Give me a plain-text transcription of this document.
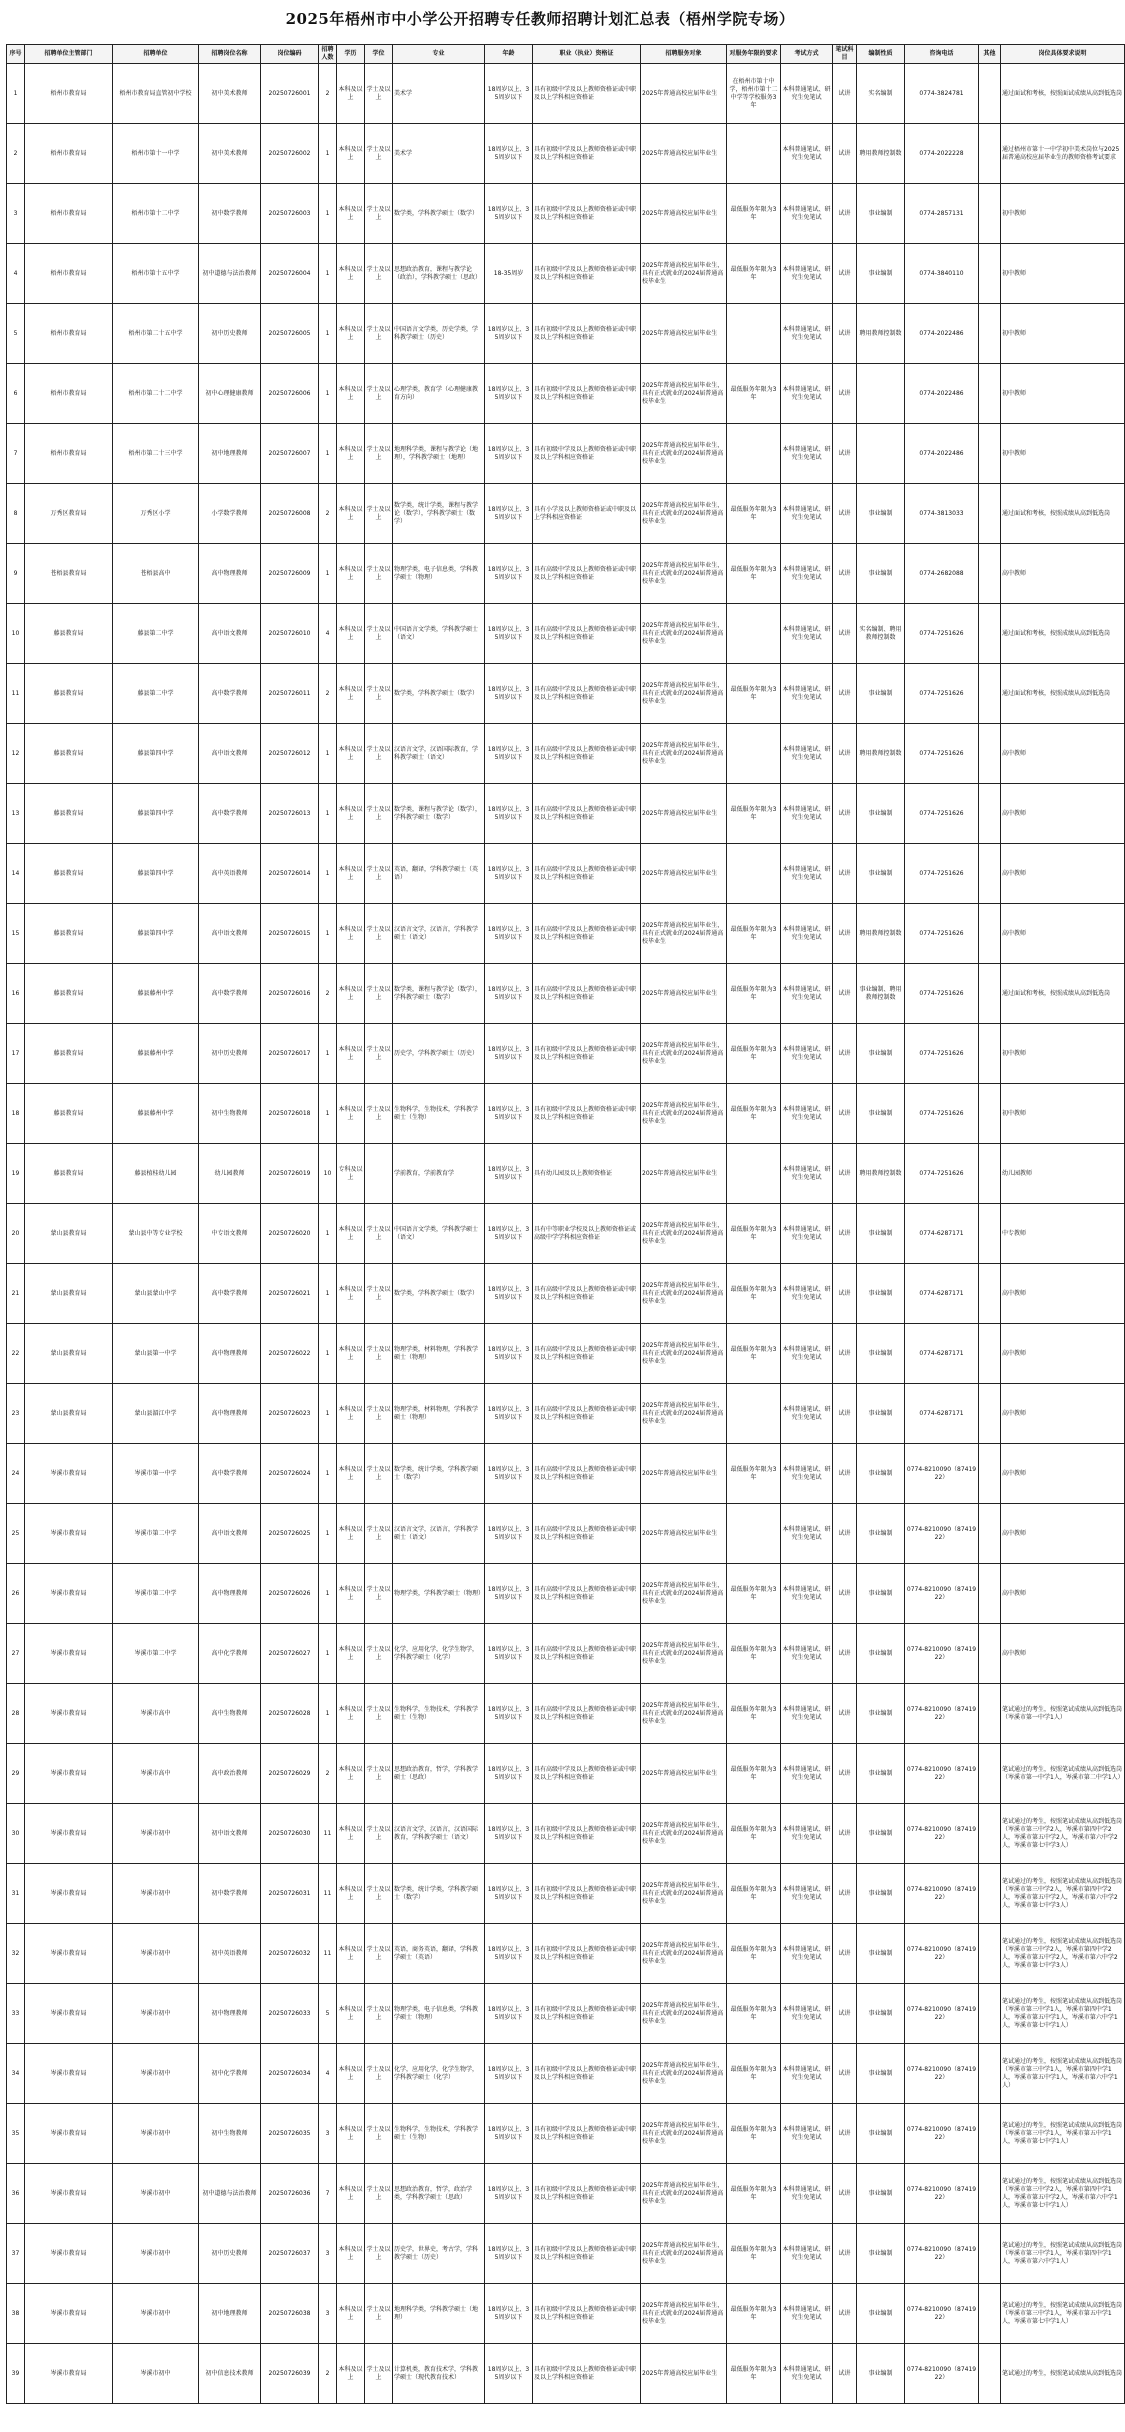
2025年梧州市中小学公开招聘专任教师招聘计划汇总表（梧州学院专场）
序号	招聘单位主管部门	招聘单位	招聘岗位名称	岗位编码	招聘人数	学历	学位	专业	年龄	职业（执业）资格证	招聘服务对象	对服务年限的要求	考试方式	笔试科目	编制性质	咨询电话	其他	岗位具体要求说明
1	梧州市教育局	梧州市教育局直管初中学校	初中美术教师	20250726001	2	本科及以上	学士及以上	美术学	18周岁以上、35周岁以下	具有初级中学及以上教师资格证或中职及以上学科相应资格证	2025年普通高校应届毕业生	在梧州市第十中学，梧州市第十二中学等学校服务3年	本科普通笔试、研究生免笔试	试讲	实名编制	0774-3824781		通过面试和考核，按照面试成绩从高到低选岗
2	梧州市教育局	梧州市第十一中学	初中美术教师	20250726002	1	本科及以上	学士及以上	美术学	18周岁以上、35周岁以下	具有初级中学及以上教师资格证或中职及以上学科相应资格证	2025年普通高校应届毕业生		本科普通笔试、研究生免笔试	试讲	聘用教师控制数	0774-2022228		通过梧州市第十一中学初中美术岗位与2025届普通高校应届毕业生的教师资格考试要求
3	梧州市教育局	梧州市第十二中学	初中数学教师	20250726003	1	本科及以上	学士及以上	数学类，学科教学硕士（数学）	18周岁以上、35周岁以下	具有初级中学及以上教师资格证或中职及以上学科相应资格证	2025年普通高校应届毕业生	最低服务年限为3年	本科普通笔试、研究生免笔试	试讲	事业编制	0774-2857131		初中教师
4	梧州市教育局	梧州市第十五中学	初中道德与法治教师	20250726004	1	本科及以上	学士及以上	思想政治教育，课程与教学论（政治），学科教学硕士（思政）	18-35周岁	具有初级中学及以上教师资格证或中职及以上学科相应资格证	2025年普通高校应届毕业生，具有正式就业的2024届普通高校毕业生	最低服务年限为3年	本科普通笔试、研究生免笔试	试讲	事业编制	0774-3840110		初中教师
5	梧州市教育局	梧州市第二十五中学	初中历史教师	20250726005	1	本科及以上	学士及以上	中国语言文学类，历史学类，学科教学硕士（历史）	18周岁以上、35周岁以下	具有初级中学及以上教师资格证或中职及以上学科相应资格证	2025年普通高校应届毕业生		本科普通笔试、研究生免笔试	试讲	聘用教师控制数	0774-2022486		初中教师
6	梧州市教育局	梧州市第二十二中学	初中心理健康教师	20250726006	1	本科及以上	学士及以上	心理学类，教育学（心理健康教育方向）	18周岁以上、35周岁以下	具有初级中学及以上教师资格证或中职及以上学科相应资格证	2025年普通高校应届毕业生，具有正式就业的2024届普通高校毕业生	最低服务年限为3年	本科普通笔试、研究生免笔试	试讲		0774-2022486		初中教师
7	梧州市教育局	梧州市第二十三中学	初中地理教师	20250726007	1	本科及以上	学士及以上	地理科学类，课程与教学论（地理），学科教学硕士（地理）	18周岁以上、35周岁以下	具有初级中学及以上教师资格证或中职及以上学科相应资格证	2025年普通高校应届毕业生，具有正式就业的2024届普通高校毕业生		本科普通笔试、研究生免笔试	试讲		0774-2022486		初中教师
8	万秀区教育局	万秀区小学	小学数学教师	20250726008	2	本科及以上	学士及以上	数学类，统计学类，课程与教学论（数学），学科教学硕士（数学）	18周岁以上、35周岁以下	具有小学及以上教师资格证或中职及以上学科相应资格证	2025年普通高校应届毕业生，具有正式就业的2024届普通高校毕业生	最低服务年限为3年	本科普通笔试、研究生免笔试	试讲	事业编制	0774-3813033		通过面试和考核，按照成绩从高到低选岗
9	苍梧县教育局	苍梧县高中	高中物理教师	20250726009	1	本科及以上	学士及以上	物理学类，电子信息类，学科教学硕士（物理）	18周岁以上、35周岁以下	具有高级中学及以上教师资格证或中职及以上学科相应资格证	2025年普通高校应届毕业生，具有正式就业的2024届普通高校毕业生	最低服务年限为3年	本科普通笔试、研究生免笔试	试讲	事业编制	0774-2682088		高中教师
10	藤县教育局	藤县第二中学	高中语文教师	20250726010	4	本科及以上	学士及以上	中国语言文学类，学科教学硕士（语文）	18周岁以上、35周岁以下	具有高级中学及以上教师资格证或中职及以上学科相应资格证	2025年普通高校应届毕业生，具有正式就业的2024届普通高校毕业生		本科普通笔试、研究生免笔试	试讲	实名编制、聘用教师控制数	0774-7251626		通过面试和考核，按照成绩从高到低选岗
11	藤县教育局	藤县第二中学	高中数学教师	20250726011	2	本科及以上	学士及以上	数学类，学科教学硕士（数学）	18周岁以上、35周岁以下	具有高级中学及以上教师资格证或中职及以上学科相应资格证	2025年普通高校应届毕业生，具有正式就业的2024届普通高校毕业生	最低服务年限为3年	本科普通笔试、研究生免笔试	试讲	事业编制	0774-7251626		通过面试和考核，按照成绩从高到低选岗
12	藤县教育局	藤县第四中学	高中语文教师	20250726012	1	本科及以上	学士及以上	汉语言文学，汉语国际教育，学科教学硕士（语文）	18周岁以上、35周岁以下	具有高级中学及以上教师资格证或中职及以上学科相应资格证	2025年普通高校应届毕业生，具有正式就业的2024届普通高校毕业生		本科普通笔试、研究生免笔试	试讲	聘用教师控制数	0774-7251626		高中教师
13	藤县教育局	藤县第四中学	高中数学教师	20250726013	1	本科及以上	学士及以上	数学类，课程与教学论（数学），学科教学硕士（数学）	18周岁以上、35周岁以下	具有高级中学及以上教师资格证或中职及以上学科相应资格证	2025年普通高校应届毕业生	最低服务年限为3年	本科普通笔试、研究生免笔试	试讲	事业编制	0774-7251626		高中教师
14	藤县教育局	藤县第四中学	高中英语教师	20250726014	1	本科及以上	学士及以上	英语，翻译，学科教学硕士（英语）	18周岁以上、35周岁以下	具有高级中学及以上教师资格证或中职及以上学科相应资格证	2025年普通高校应届毕业生		本科普通笔试、研究生免笔试	试讲	事业编制	0774-7251626		高中教师
15	藤县教育局	藤县第四中学	高中语文教师	20250726015	1	本科及以上	学士及以上	汉语言文学，汉语言，学科教学硕士（语文）	18周岁以上、35周岁以下	具有高级中学及以上教师资格证或中职及以上学科相应资格证	2025年普通高校应届毕业生，具有正式就业的2024届普通高校毕业生	最低服务年限为3年	本科普通笔试、研究生免笔试	试讲	聘用教师控制数	0774-7251626		高中教师
16	藤县教育局	藤县藤州中学	高中数学教师	20250726016	2	本科及以上	学士及以上	数学类，课程与教学论（数学），学科教学硕士（数学）	18周岁以上、35周岁以下	具有高级中学及以上教师资格证或中职及以上学科相应资格证	2025年普通高校应届毕业生	最低服务年限为3年	本科普通笔试、研究生免笔试	试讲	事业编制、聘用教师控制数	0774-7251626		通过面试和考核，按照成绩从高到低选岗
17	藤县教育局	藤县藤州中学	初中历史教师	20250726017	1	本科及以上	学士及以上	历史学，学科教学硕士（历史）	18周岁以上、35周岁以下	具有初级中学及以上教师资格证或中职及以上学科相应资格证	2025年普通高校应届毕业生，具有正式就业的2024届普通高校毕业生	最低服务年限为3年	本科普通笔试、研究生免笔试	试讲	事业编制	0774-7251626		初中教师
18	藤县教育局	藤县藤州中学	初中生物教师	20250726018	1	本科及以上	学士及以上	生物科学，生物技术，学科教学硕士（生物）	18周岁以上、35周岁以下	具有初级中学及以上教师资格证或中职及以上学科相应资格证	2025年普通高校应届毕业生，具有正式就业的2024届普通高校毕业生	最低服务年限为3年	本科普通笔试、研究生免笔试	试讲	事业编制	0774-7251626		初中教师
19	藤县教育局	藤县植桂幼儿园	幼儿园教师	20250726019	10	专科及以上		学前教育，学前教育学	18周岁以上、35周岁以下	具有幼儿园及以上教师资格证	2025年普通高校应届毕业生		本科普通笔试、研究生免笔试	试讲	聘用教师控制数	0774-7251626		幼儿园教师
20	蒙山县教育局	蒙山县中等专业学校	中专语文教师	20250726020	1	本科及以上	学士及以上	中国语言文学类，学科教学硕士（语文）	18周岁以上、35周岁以下	具有中等职业学校及以上教师资格证或高级中学学科相应资格证	2025年普通高校应届毕业生，具有正式就业的2024届普通高校毕业生	最低服务年限为3年	本科普通笔试、研究生免笔试	试讲	事业编制	0774-6287171		中专教师
21	蒙山县教育局	蒙山县蒙山中学	高中数学教师	20250726021	1	本科及以上	学士及以上	数学类，学科教学硕士（数学）	18周岁以上、35周岁以下	具有高级中学及以上教师资格证或中职及以上学科相应资格证	2025年普通高校应届毕业生，具有正式就业的2024届普通高校毕业生	最低服务年限为3年	本科普通笔试、研究生免笔试	试讲	事业编制	0774-6287171		高中教师
22	蒙山县教育局	蒙山县第一中学	高中物理教师	20250726022	1	本科及以上	学士及以上	物理学类，材料物理，学科教学硕士（物理）	18周岁以上、35周岁以下	具有高级中学及以上教师资格证或中职及以上学科相应资格证	2025年普通高校应届毕业生，具有正式就业的2024届普通高校毕业生	最低服务年限为3年	本科普通笔试、研究生免笔试	试讲	事业编制	0774-6287171		高中教师
23	蒙山县教育局	蒙山县湄江中学	高中物理教师	20250726023	1	本科及以上	学士及以上	物理学类，材料物理，学科教学硕士（物理）	18周岁以上、35周岁以下	具有高级中学及以上教师资格证或中职及以上学科相应资格证	2025年普通高校应届毕业生，具有正式就业的2024届普通高校毕业生		本科普通笔试、研究生免笔试	试讲	事业编制	0774-6287171		高中教师
24	岑溪市教育局	岑溪市第一中学	高中数学教师	20250726024	1	本科及以上	学士及以上	数学类，统计学类，学科教学硕士（数学）	18周岁以上、35周岁以下	具有高级中学及以上教师资格证或中职及以上学科相应资格证	2025年普通高校应届毕业生	最低服务年限为3年	本科普通笔试、研究生免笔试	试讲	事业编制	0774-8210090（8741922）		高中教师
25	岑溪市教育局	岑溪市第二中学	高中语文教师	20250726025	1	本科及以上	学士及以上	汉语言文学，汉语言，学科教学硕士（语文）	18周岁以上、35周岁以下	具有高级中学及以上教师资格证或中职及以上学科相应资格证	2025年普通高校应届毕业生		本科普通笔试、研究生免笔试	试讲	事业编制	0774-8210090（8741922）		高中教师
26	岑溪市教育局	岑溪市第二中学	高中物理教师	20250726026	1	本科及以上	学士及以上	物理学类，学科教学硕士（物理）	18周岁以上、35周岁以下	具有高级中学及以上教师资格证或中职及以上学科相应资格证	2025年普通高校应届毕业生，具有正式就业的2024届普通高校毕业生	最低服务年限为3年	本科普通笔试、研究生免笔试	试讲	事业编制	0774-8210090（8741922）		高中教师
27	岑溪市教育局	岑溪市第二中学	高中化学教师	20250726027	1	本科及以上	学士及以上	化学，应用化学，化学生物学，学科教学硕士（化学）	18周岁以上、35周岁以下	具有高级中学及以上教师资格证或中职及以上学科相应资格证	2025年普通高校应届毕业生，具有正式就业的2024届普通高校毕业生	最低服务年限为3年	本科普通笔试、研究生免笔试	试讲	事业编制	0774-8210090（8741922）		高中教师
28	岑溪市教育局	岑溪市高中	高中生物教师	20250726028	1	本科及以上	学士及以上	生物科学，生物技术，学科教学硕士（生物）	18周岁以上、35周岁以下	具有高级中学及以上教师资格证或中职及以上学科相应资格证	2025年普通高校应届毕业生，具有正式就业的2024届普通高校毕业生	最低服务年限为3年	本科普通笔试、研究生免笔试	试讲	事业编制	0774-8210090（8741922）		笔试通过的考生，按照笔试成绩从高到低选岗（岑溪市第一中学1人）
29	岑溪市教育局	岑溪市高中	高中政治教师	20250726029	2	本科及以上	学士及以上	思想政治教育，哲学，学科教学硕士（思政）	18周岁以上、35周岁以下	具有高级中学及以上教师资格证或中职及以上学科相应资格证	2025年普通高校应届毕业生	最低服务年限为3年	本科普通笔试、研究生免笔试	试讲	事业编制	0774-8210090（8741922）		笔试通过的考生，按照笔试成绩从高到低选岗（岑溪市第一中学1人，岑溪市第二中学1人）
30	岑溪市教育局	岑溪市初中	初中语文教师	20250726030	11	本科及以上	学士及以上	汉语言文学，汉语言，汉语国际教育，学科教学硕士（语文）	18周岁以上、35周岁以下	具有初级中学及以上教师资格证或中职及以上学科相应资格证	2025年普通高校应届毕业生，具有正式就业的2024届普通高校毕业生	最低服务年限为3年	本科普通笔试、研究生免笔试	试讲	事业编制	0774-8210090（8741922）		笔试通过的考生，按照笔试成绩从高到低选岗（岑溪市第三中学2人，岑溪市第四中学2人，岑溪市第五中学2人，岑溪市第六中学2人，岑溪市第七中学3人）
31	岑溪市教育局	岑溪市初中	初中数学教师	20250726031	11	本科及以上	学士及以上	数学类，统计学类，学科教学硕士（数学）	18周岁以上、35周岁以下	具有初级中学及以上教师资格证或中职及以上学科相应资格证	2025年普通高校应届毕业生，具有正式就业的2024届普通高校毕业生	最低服务年限为3年	本科普通笔试、研究生免笔试	试讲	事业编制	0774-8210090（8741922）		笔试通过的考生，按照笔试成绩从高到低选岗（岑溪市第三中学2人，岑溪市第四中学2人，岑溪市第五中学2人，岑溪市第六中学2人，岑溪市第七中学3人）
32	岑溪市教育局	岑溪市初中	初中英语教师	20250726032	11	本科及以上	学士及以上	英语，商务英语，翻译，学科教学硕士（英语）	18周岁以上、35周岁以下	具有初级中学及以上教师资格证或中职及以上学科相应资格证	2025年普通高校应届毕业生，具有正式就业的2024届普通高校毕业生	最低服务年限为3年	本科普通笔试、研究生免笔试	试讲	事业编制	0774-8210090（8741922）		笔试通过的考生，按照笔试成绩从高到低选岗（岑溪市第三中学2人，岑溪市第四中学2人，岑溪市第五中学2人，岑溪市第六中学2人，岑溪市第七中学3人）
33	岑溪市教育局	岑溪市初中	初中物理教师	20250726033	5	本科及以上	学士及以上	物理学类，电子信息类，学科教学硕士（物理）	18周岁以上、35周岁以下	具有初级中学及以上教师资格证或中职及以上学科相应资格证	2025年普通高校应届毕业生，具有正式就业的2024届普通高校毕业生	最低服务年限为3年	本科普通笔试、研究生免笔试	试讲	事业编制	0774-8210090（8741922）		笔试通过的考生，按照笔试成绩从高到低选岗（岑溪市第三中学1人，岑溪市第四中学1人，岑溪市第五中学1人，岑溪市第六中学1人，岑溪市第七中学1人）
34	岑溪市教育局	岑溪市初中	初中化学教师	20250726034	4	本科及以上	学士及以上	化学，应用化学，化学生物学，学科教学硕士（化学）	18周岁以上、35周岁以下	具有初级中学及以上教师资格证或中职及以上学科相应资格证	2025年普通高校应届毕业生，具有正式就业的2024届普通高校毕业生	最低服务年限为3年	本科普通笔试、研究生免笔试	试讲	事业编制	0774-8210090（8741922）		笔试通过的考生，按照笔试成绩从高到低选岗（岑溪市第三中学1人，岑溪市第四中学1人，岑溪市第五中学1人，岑溪市第六中学1人）
35	岑溪市教育局	岑溪市初中	初中生物教师	20250726035	3	本科及以上	学士及以上	生物科学，生物技术，学科教学硕士（生物）	18周岁以上、35周岁以下	具有初级中学及以上教师资格证或中职及以上学科相应资格证	2025年普通高校应届毕业生，具有正式就业的2024届普通高校毕业生	最低服务年限为3年	本科普通笔试、研究生免笔试	试讲	事业编制	0774-8210090（8741922）		笔试通过的考生，按照笔试成绩从高到低选岗（岑溪市第三中学1人，岑溪市第五中学1人，岑溪市第七中学1人）
36	岑溪市教育局	岑溪市初中	初中道德与法治教师	20250726036	7	本科及以上	学士及以上	思想政治教育，哲学，政治学类，学科教学硕士（思政）	18周岁以上、35周岁以下	具有初级中学及以上教师资格证或中职及以上学科相应资格证	2025年普通高校应届毕业生，具有正式就业的2024届普通高校毕业生	最低服务年限为3年	本科普通笔试、研究生免笔试	试讲	事业编制	0774-8210090（8741922）		笔试通过的考生，按照笔试成绩从高到低选岗（岑溪市第三中学2人，岑溪市第四中学1人，岑溪市第五中学2人，岑溪市第六中学1人，岑溪市第七中学1人）
37	岑溪市教育局	岑溪市初中	初中历史教师	20250726037	3	本科及以上	学士及以上	历史学，世界史，考古学，学科教学硕士（历史）	18周岁以上、35周岁以下	具有初级中学及以上教师资格证或中职及以上学科相应资格证	2025年普通高校应届毕业生，具有正式就业的2024届普通高校毕业生	最低服务年限为3年	本科普通笔试、研究生免笔试	试讲	事业编制	0774-8210090（8741922）		笔试通过的考生，按照笔试成绩从高到低选岗（岑溪市第三中学1人，岑溪市第四中学1人，岑溪市第六中学1人）
38	岑溪市教育局	岑溪市初中	初中地理教师	20250726038	3	本科及以上	学士及以上	地理科学类，学科教学硕士（地理）	18周岁以上、35周岁以下	具有初级中学及以上教师资格证或中职及以上学科相应资格证	2025年普通高校应届毕业生，具有正式就业的2024届普通高校毕业生	最低服务年限为3年	本科普通笔试、研究生免笔试	试讲	事业编制	0774-8210090（8741922）		笔试通过的考生，按照笔试成绩从高到低选岗（岑溪市第三中学1人，岑溪市第五中学1人，岑溪市第七中学1人）
39	岑溪市教育局	岑溪市初中	初中信息技术教师	20250726039	2	本科及以上	学士及以上	计算机类，教育技术学，学科教学硕士（现代教育技术）	18周岁以上、35周岁以下	具有初级中学及以上教师资格证或中职及以上学科相应资格证	2025年普通高校应届毕业生	最低服务年限为3年	本科普通笔试、研究生免笔试	试讲	事业编制	0774-8210090（8741922）		笔试通过的考生，按照笔试成绩从高到低选岗
